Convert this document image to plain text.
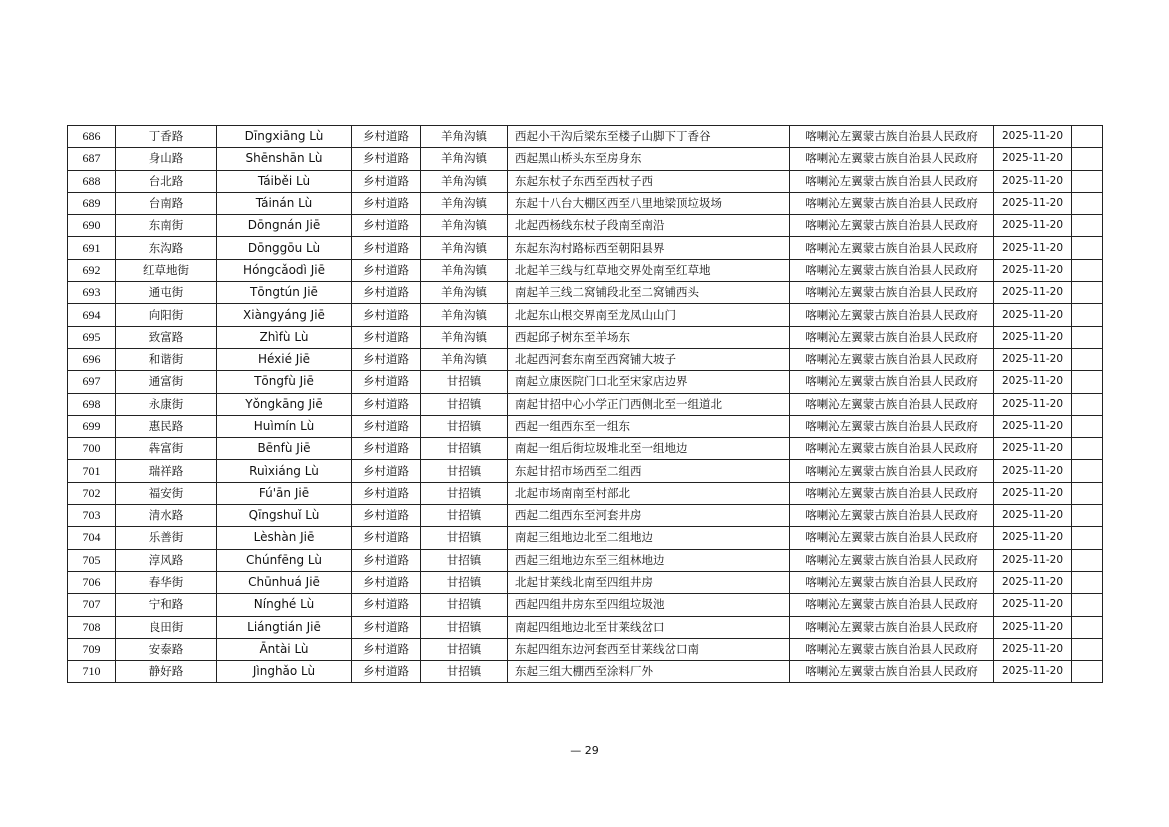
686	丁香路	Dīngxiāng Lù	乡村道路	羊角沟镇	西起小干沟后梁东至楼子山脚下丁香谷	喀喇沁左翼蒙古族自治县人民政府	2025-11-20	
687	身山路	Shēnshān Lù	乡村道路	羊角沟镇	西起黑山桥头东至房身东	喀喇沁左翼蒙古族自治县人民政府	2025-11-20	
688	台北路	Táiběi Lù	乡村道路	羊角沟镇	东起东杖子东西至西杖子西	喀喇沁左翼蒙古族自治县人民政府	2025-11-20	
689	台南路	Táinán Lù	乡村道路	羊角沟镇	东起十八台大棚区西至八里地梁顶垃圾场	喀喇沁左翼蒙古族自治县人民政府	2025-11-20	
690	东南街	Dōngnán Jiē	乡村道路	羊角沟镇	北起西杨线东杖子段南至南沿	喀喇沁左翼蒙古族自治县人民政府	2025-11-20	
691	东沟路	Dōnggōu Lù	乡村道路	羊角沟镇	东起东沟村路标西至朝阳县界	喀喇沁左翼蒙古族自治县人民政府	2025-11-20	
692	红草地街	Hóngcǎodì Jiē	乡村道路	羊角沟镇	北起羊三线与红草地交界处南至红草地	喀喇沁左翼蒙古族自治县人民政府	2025-11-20	
693	通屯街	Tōngtún Jiē	乡村道路	羊角沟镇	南起羊三线二窝铺段北至二窝铺西头	喀喇沁左翼蒙古族自治县人民政府	2025-11-20	
694	向阳街	Xiàngyáng Jiē	乡村道路	羊角沟镇	北起东山根交界南至龙凤山山门	喀喇沁左翼蒙古族自治县人民政府	2025-11-20	
695	致富路	Zhìfù Lù	乡村道路	羊角沟镇	西起邱子树东至羊场东	喀喇沁左翼蒙古族自治县人民政府	2025-11-20	
696	和谐街	Héxié Jiē	乡村道路	羊角沟镇	北起西河套东南至西窝铺大坡子	喀喇沁左翼蒙古族自治县人民政府	2025-11-20	
697	通富街	Tōngfù Jiē	乡村道路	甘招镇	南起立康医院门口北至宋家店边界	喀喇沁左翼蒙古族自治县人民政府	2025-11-20	
698	永康街	Yǒngkāng Jiē	乡村道路	甘招镇	南起甘招中心小学正门西侧北至一组道北	喀喇沁左翼蒙古族自治县人民政府	2025-11-20	
699	惠民路	Huìmín Lù	乡村道路	甘招镇	西起一组西东至一组东	喀喇沁左翼蒙古族自治县人民政府	2025-11-20	
700	犇富街	Bēnfù Jiē	乡村道路	甘招镇	南起一组后街垃圾堆北至一组地边	喀喇沁左翼蒙古族自治县人民政府	2025-11-20	
701	瑞祥路	Ruìxiáng Lù	乡村道路	甘招镇	东起甘招市场西至二组西	喀喇沁左翼蒙古族自治县人民政府	2025-11-20	
702	福安街	Fú'ān Jiē	乡村道路	甘招镇	北起市场南南至村部北	喀喇沁左翼蒙古族自治县人民政府	2025-11-20	
703	清水路	Qīngshuǐ Lù	乡村道路	甘招镇	西起二组西东至河套井房	喀喇沁左翼蒙古族自治县人民政府	2025-11-20	
704	乐善街	Lèshàn Jiē	乡村道路	甘招镇	南起三组地边北至二组地边	喀喇沁左翼蒙古族自治县人民政府	2025-11-20	
705	淳风路	Chúnfēng Lù	乡村道路	甘招镇	西起三组地边东至三组林地边	喀喇沁左翼蒙古族自治县人民政府	2025-11-20	
706	春华街	Chūnhuá Jiē	乡村道路	甘招镇	北起甘莱线北南至四组井房	喀喇沁左翼蒙古族自治县人民政府	2025-11-20	
707	宁和路	Nínghé Lù	乡村道路	甘招镇	西起四组井房东至四组垃圾池	喀喇沁左翼蒙古族自治县人民政府	2025-11-20	
708	良田街	Liángtián Jiē	乡村道路	甘招镇	南起四组地边北至甘莱线岔口	喀喇沁左翼蒙古族自治县人民政府	2025-11-20	
709	安泰路	Āntài Lù	乡村道路	甘招镇	东起四组东边河套西至甘莱线岔口南	喀喇沁左翼蒙古族自治县人民政府	2025-11-20	
710	静好路	Jìnghǎo Lù	乡村道路	甘招镇	东起三组大棚西至涂料厂外	喀喇沁左翼蒙古族自治县人民政府	2025-11-20	
— 29
